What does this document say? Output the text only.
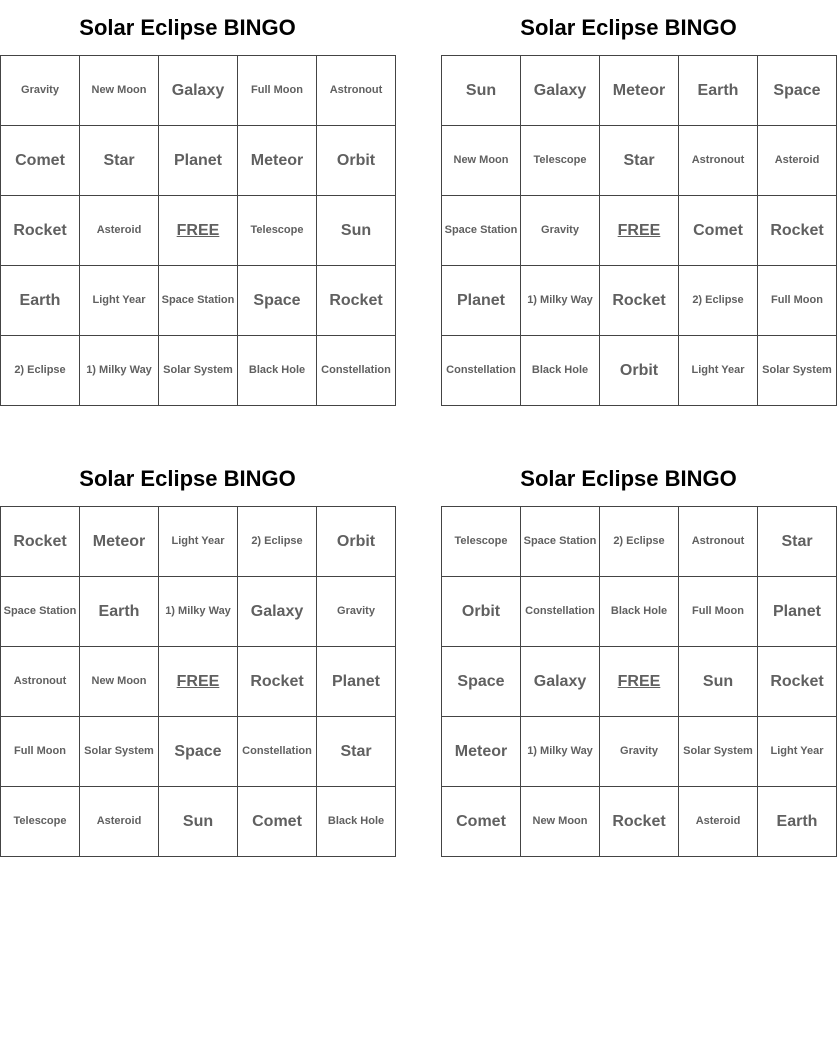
Solar Eclipse BINGO
Gravity	New Moon	Galaxy	Full Moon	Astronout
Comet	Star	Planet	Meteor	Orbit
Rocket	Asteroid	FREE	Telescope	Sun
Earth	Light Year	Space Station	Space	Rocket
2) Eclipse	1) Milky Way	Solar System	Black Hole	Constellation
Solar Eclipse BINGO
Sun	Galaxy	Meteor	Earth	Space
New Moon	Telescope	Star	Astronout	Asteroid
Space Station	Gravity	FREE	Comet	Rocket
Planet	1) Milky Way	Rocket	2) Eclipse	Full Moon
Constellation	Black Hole	Orbit	Light Year	Solar System
Solar Eclipse BINGO
Rocket	Meteor	Light Year	2) Eclipse	Orbit
Space Station	Earth	1) Milky Way	Galaxy	Gravity
Astronout	New Moon	FREE	Rocket	Planet
Full Moon	Solar System	Space	Constellation	Star
Telescope	Asteroid	Sun	Comet	Black Hole
Solar Eclipse BINGO
Telescope	Space Station	2) Eclipse	Astronout	Star
Orbit	Constellation	Black Hole	Full Moon	Planet
Space	Galaxy	FREE	Sun	Rocket
Meteor	1) Milky Way	Gravity	Solar System	Light Year
Comet	New Moon	Rocket	Asteroid	Earth
